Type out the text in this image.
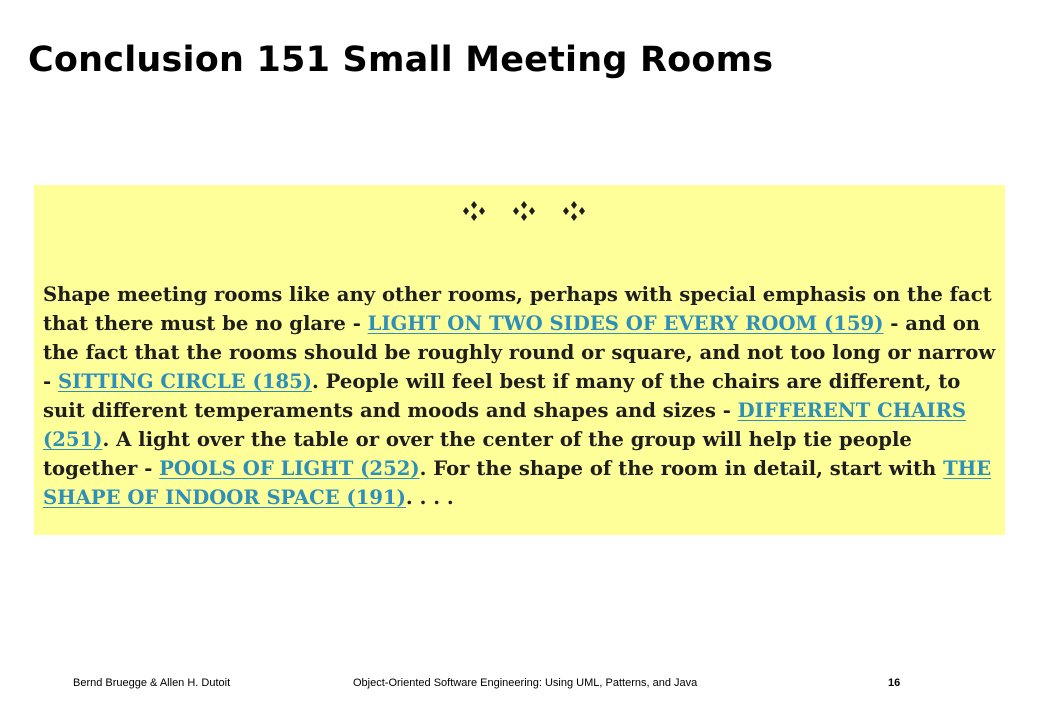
Conclusion 151 Small Meeting Rooms

Shape meeting rooms like any other rooms, perhaps with special emphasis on the fact that there must be no glare - LIGHT ON TWO SIDES OF EVERY ROOM (159) - and on the fact that the rooms should be roughly round or square, and not too long or narrow - SITTING CIRCLE (185). People will feel best if many of the chairs are different, to suit different temperaments and moods and shapes and sizes - DIFFERENT CHAIRS (251). A light over the table or over the center of the group will help tie people together - POOLS OF LIGHT (252). For the shape of the room in detail, start with THE SHAPE OF INDOOR SPACE (191). . . .

Bernd Bruegge & Allen H. Dutoit	Object-Oriented Software Engineering: Using UML, Patterns, and Java	16
